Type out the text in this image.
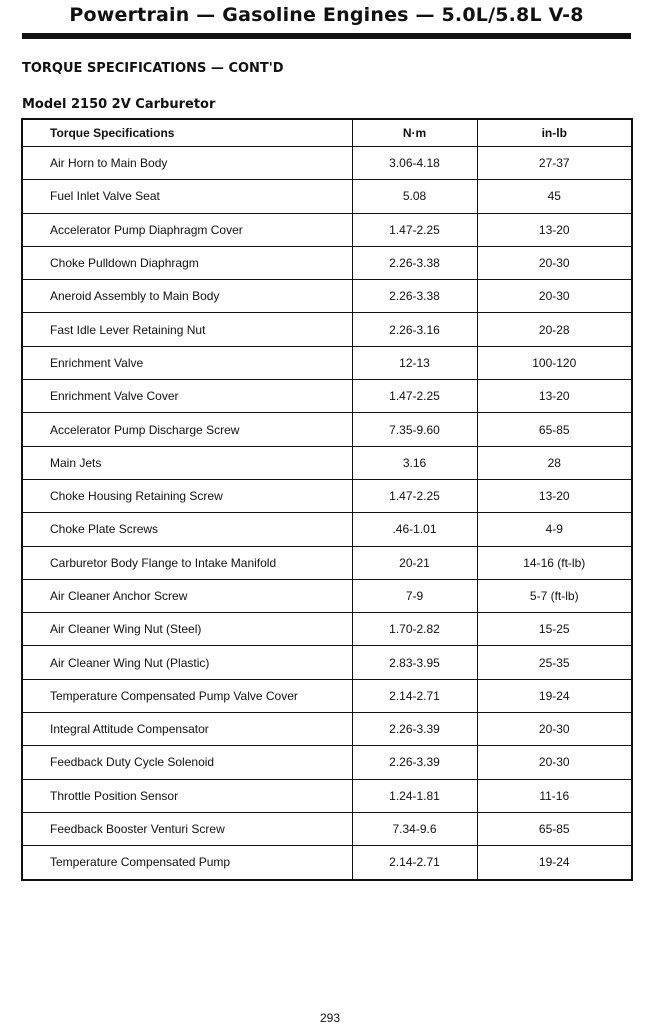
Powertrain — Gasoline Engines — 5.0L/5.8L V-8
TORQUE SPECIFICATIONS — CONT'D
Model 2150 2V Carburetor
Torque Specifications	N·m	in-lb
Air Horn to Main Body	3.06-4.18	27-37
Fuel Inlet Valve Seat	5.08	45
Accelerator Pump Diaphragm Cover	1.47-2.25	13-20
Choke Pulldown Diaphragm	2.26-3.38	20-30
Aneroid Assembly to Main Body	2.26-3.38	20-30
Fast Idle Lever Retaining Nut	2.26-3.16	20-28
Enrichment Valve	12-13	100-120
Enrichment Valve Cover	1.47-2.25	13-20
Accelerator Pump Discharge Screw	7.35-9.60	65-85
Main Jets	3.16	28
Choke Housing Retaining Screw	1.47-2.25	13-20
Choke Plate Screws	.46-1.01	4-9
Carburetor Body Flange to Intake Manifold	20-21	14-16 (ft-lb)
Air Cleaner Anchor Screw	7-9	5-7 (ft-lb)
Air Cleaner Wing Nut (Steel)	1.70-2.82	15-25
Air Cleaner Wing Nut (Plastic)	2.83-3.95	25-35
Temperature Compensated Pump Valve Cover	2.14-2.71	19-24
Integral Attitude Compensator	2.26-3.39	20-30
Feedback Duty Cycle Solenoid	2.26-3.39	20-30
Throttle Position Sensor	1.24-1.81	11-16
Feedback Booster Venturi Screw	7.34-9.6	65-85
Temperature Compensated Pump	2.14-2.71	19-24
293
